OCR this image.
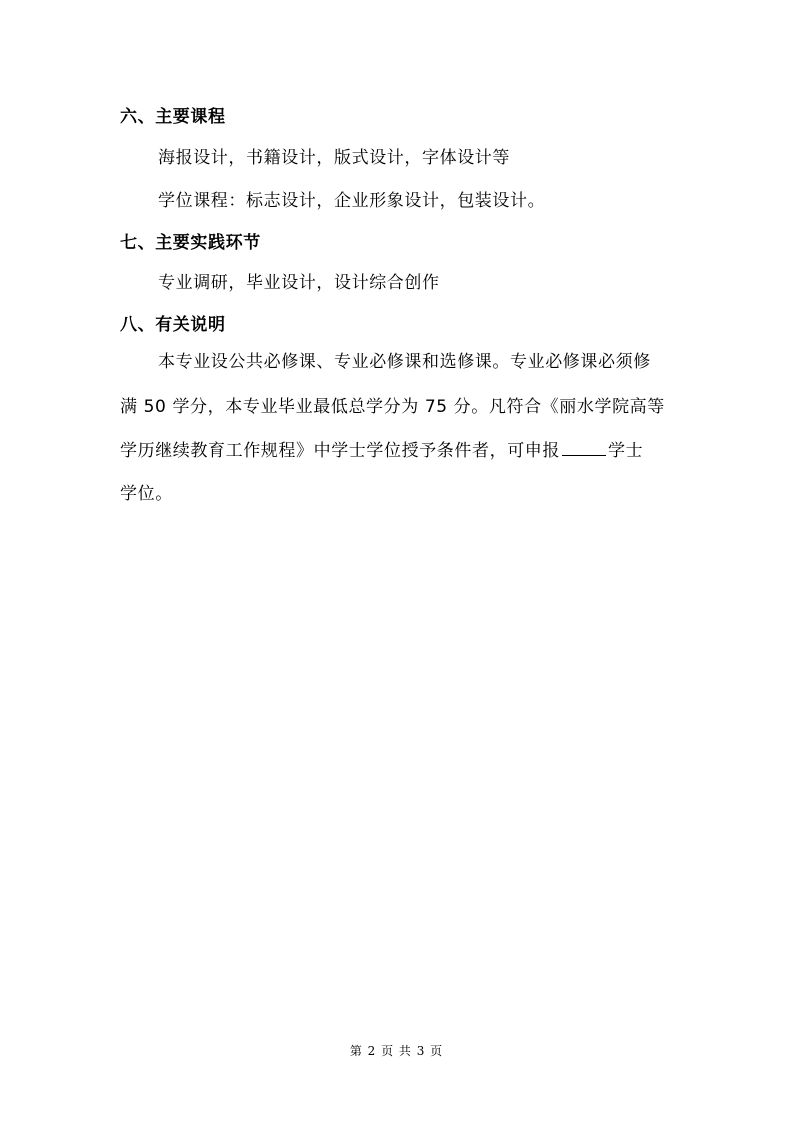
六、主要课程
海报设计，书籍设计，版式设计，字体设计等
学位课程：标志设计，企业形象设计，包装设计。
七、主要实践环节
专业调研，毕业设计，设计综合创作
八、有关说明
本专业设公共必修课、专业必修课和选修课。专业必修课必须修
满 50 学分，本专业毕业最低总学分为 75 分。凡符合《丽水学院高等
学历继续教育工作规程》中学士学位授予条件者，可申报	学士
学位。
第 2 页 共 3 页
